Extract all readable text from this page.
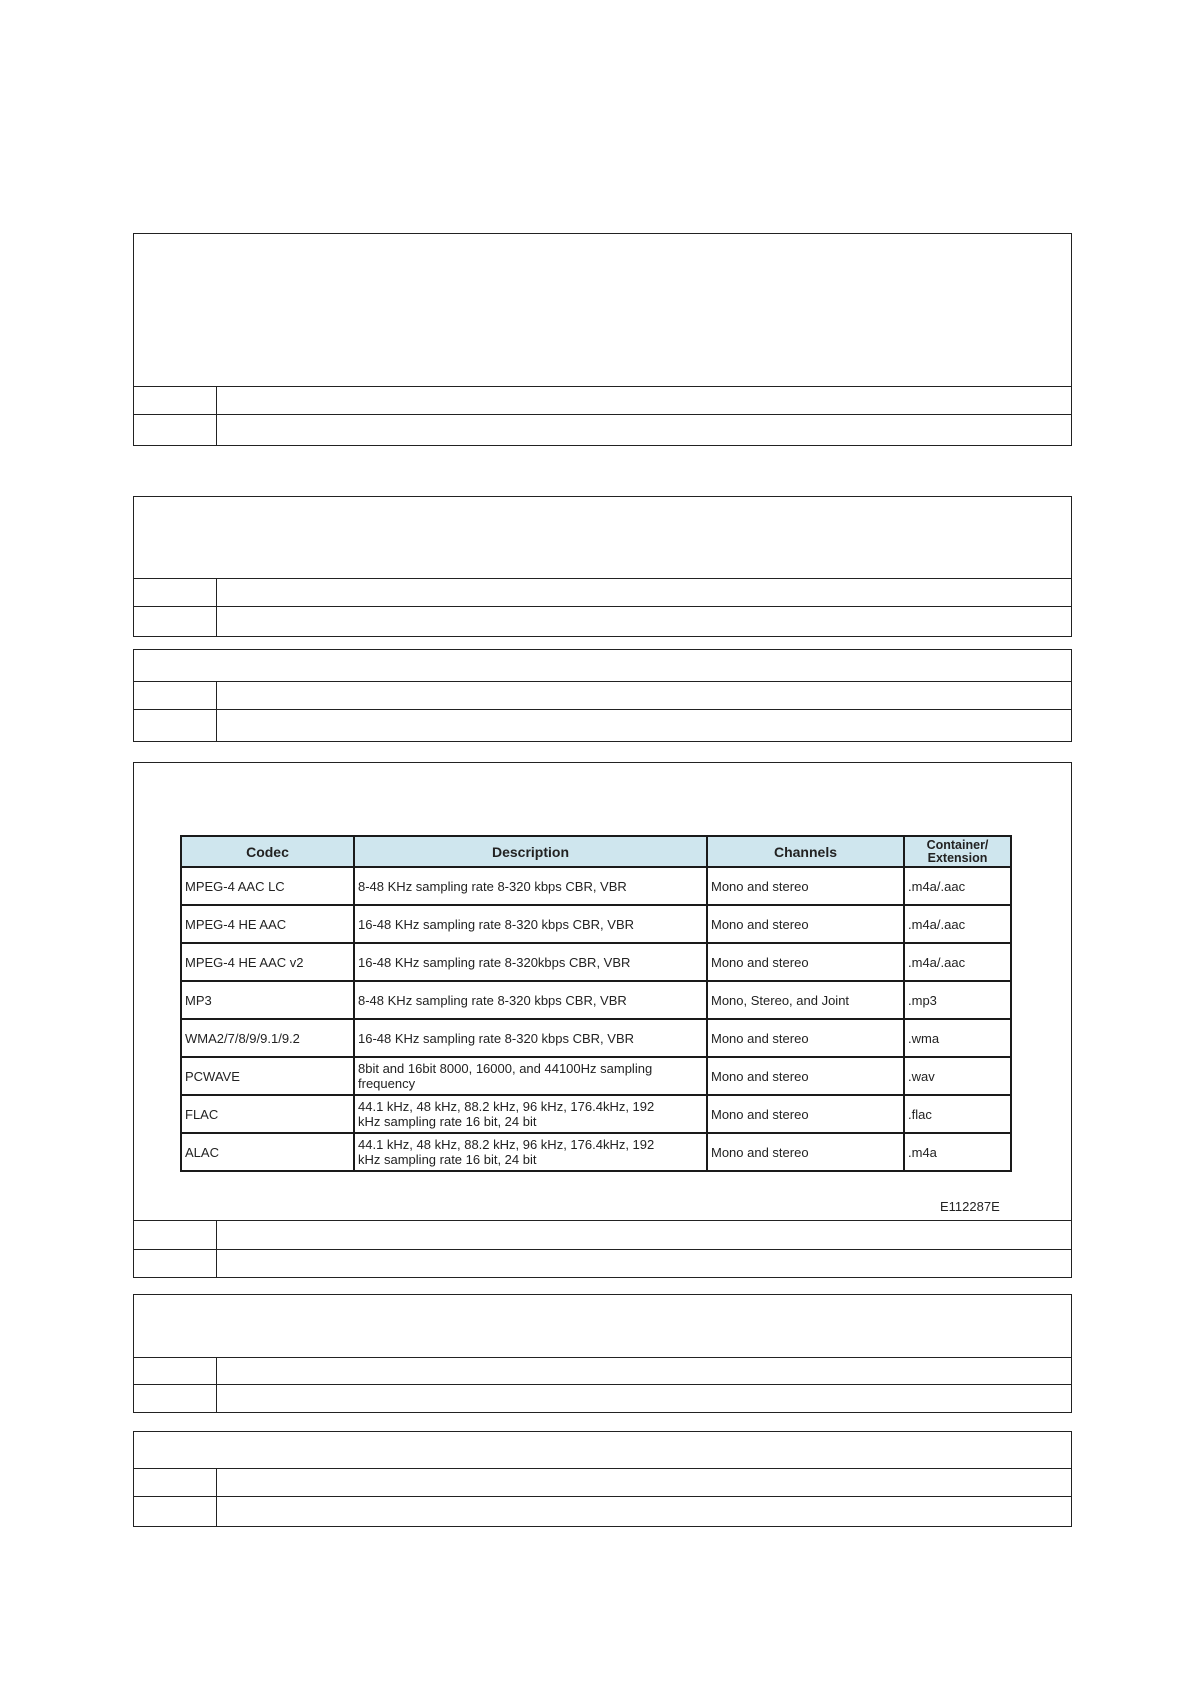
Codec	Description	Channels	Container/
Extension
MPEG-4 AAC LC	8-48 KHz sampling rate 8-320 kbps CBR, VBR	Mono and stereo	.m4a/.aac
MPEG-4 HE AAC	16-48 KHz sampling rate 8-320 kbps CBR, VBR	Mono and stereo	.m4a/.aac
MPEG-4 HE AAC v2	16-48 KHz sampling rate 8-320kbps CBR, VBR	Mono and stereo	.m4a/.aac
MP3	8-48 KHz sampling rate 8-320 kbps CBR, VBR	Mono, Stereo, and Joint	.mp3
WMA2/7/8/9/9.1/9.2	16-48 KHz sampling rate 8-320 kbps CBR, VBR	Mono and stereo	.wma
PCWAVE	8bit and 16bit 8000, 16000, and 44100Hz sampling
frequency	Mono and stereo	.wav
FLAC	44.1 kHz, 48 kHz, 88.2 kHz, 96 kHz, 176.4kHz, 192
kHz sampling rate 16 bit, 24 bit	Mono and stereo	.flac
ALAC	44.1 kHz, 48 kHz, 88.2 kHz, 96 kHz, 176.4kHz, 192
kHz sampling rate 16 bit, 24 bit	Mono and stereo	.m4a
E112287E
